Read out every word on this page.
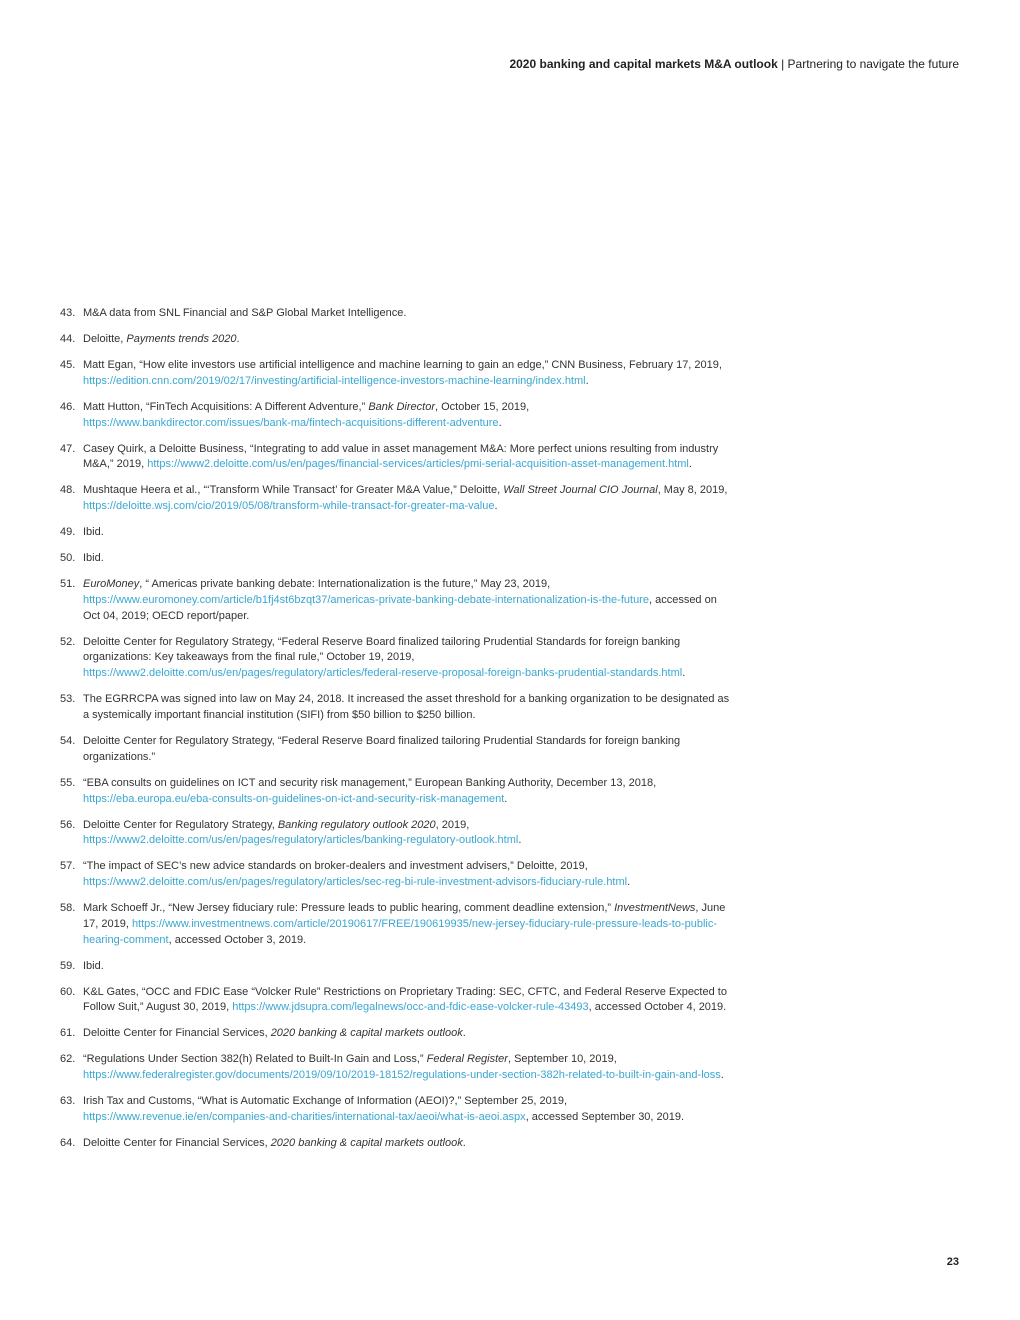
2020 banking and capital markets M&A outlook | Partnering to navigate the future
43. M&A data from SNL Financial and S&P Global Market Intelligence.
44. Deloitte, Payments trends 2020.
45. Matt Egan, “How elite investors use artificial intelligence and machine learning to gain an edge,” CNN Business, February 17, 2019, https://edition.cnn.com/2019/02/17/investing/artificial-intelligence-investors-machine-learning/index.html.
46. Matt Hutton, “FinTech Acquisitions: A Different Adventure,” Bank Director, October 15, 2019, https://www.bankdirector.com/issues/bank-ma/fintech-acquisitions-different-adventure.
47. Casey Quirk, a Deloitte Business, “Integrating to add value in asset management M&A: More perfect unions resulting from industry M&A,” 2019, https://www2.deloitte.com/us/en/pages/financial-services/articles/pmi-serial-acquisition-asset-management.html.
48. Mushtaque Heera et al., “‘Transform While Transact’ for Greater M&A Value,” Deloitte, Wall Street Journal CIO Journal, May 8, 2019, https://deloitte.wsj.com/cio/2019/05/08/transform-while-transact-for-greater-ma-value.
49. Ibid.
50. Ibid.
51. EuroMoney, “ Americas private banking debate: Internationalization is the future,” May 23, 2019, https://www.euromoney.com/article/b1fj4st6bzqt37/americas-private-banking-debate-internationalization-is-the-future, accessed on Oct 04, 2019; OECD report/paper.
52. Deloitte Center for Regulatory Strategy, “Federal Reserve Board finalized tailoring Prudential Standards for foreign banking organizations: Key takeaways from the final rule,” October 19, 2019, https://www2.deloitte.com/us/en/pages/regulatory/articles/federal-reserve-proposal-foreign-banks-prudential-standards.html.
53. The EGRRCPA was signed into law on May 24, 2018. It increased the asset threshold for a banking organization to be designated as a systemically important financial institution (SIFI) from $50 billion to $250 billion.
54. Deloitte Center for Regulatory Strategy, “Federal Reserve Board finalized tailoring Prudential Standards for foreign banking organizations.”
55. “EBA consults on guidelines on ICT and security risk management,” European Banking Authority, December 13, 2018, https://eba.europa.eu/eba-consults-on-guidelines-on-ict-and-security-risk-management.
56. Deloitte Center for Regulatory Strategy, Banking regulatory outlook 2020, 2019, https://www2.deloitte.com/us/en/pages/regulatory/articles/banking-regulatory-outlook.html.
57. “The impact of SEC’s new advice standards on broker-dealers and investment advisers,” Deloitte, 2019, https://www2.deloitte.com/us/en/pages/regulatory/articles/sec-reg-bi-rule-investment-advisors-fiduciary-rule.html.
58. Mark Schoeff Jr., “New Jersey fiduciary rule: Pressure leads to public hearing, comment deadline extension,” InvestmentNews, June 17, 2019, https://www.investmentnews.com/article/20190617/FREE/190619935/new-jersey-fiduciary-rule-pressure-leads-to-public-hearing-comment, accessed October 3, 2019.
59. Ibid.
60. K&L Gates, “OCC and FDIC Ease “Volcker Rule” Restrictions on Proprietary Trading: SEC, CFTC, and Federal Reserve Expected to Follow Suit,” August 30, 2019, https://www.jdsupra.com/legalnews/occ-and-fdic-ease-volcker-rule-43493, accessed October 4, 2019.
61. Deloitte Center for Financial Services, 2020 banking & capital markets outlook.
62. “Regulations Under Section 382(h) Related to Built-In Gain and Loss,” Federal Register, September 10, 2019, https://www.federalregister.gov/documents/2019/09/10/2019-18152/regulations-under-section-382h-related-to-built-in-gain-and-loss.
63. Irish Tax and Customs, “What is Automatic Exchange of Information (AEOI)?,” September 25, 2019, https://www.revenue.ie/en/companies-and-charities/international-tax/aeoi/what-is-aeoi.aspx, accessed September 30, 2019.
64. Deloitte Center for Financial Services, 2020 banking & capital markets outlook.
23
